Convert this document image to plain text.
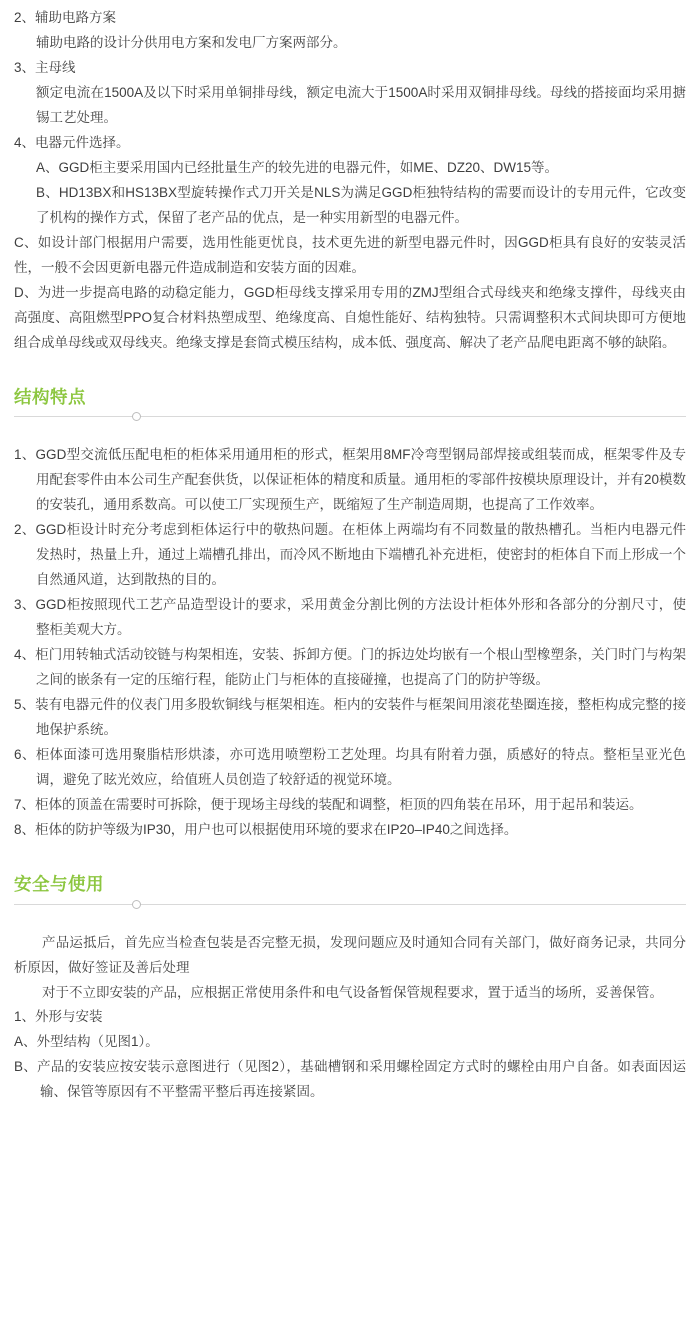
2、辅助电路方案

辅助电路的设计分供用电方案和发电厂方案两部分。

3、主母线

额定电流在1500A及以下时采用单铜排母线，额定电流大于1500A时采用双铜排母线。母线的搭接面均采用搪锡工艺处理。

4、电器元件选择。

A、GGD柜主要采用国内已经批量生产的较先进的电器元件，如ME、DZ20、DW15等。

B、HD13BX和HS13BX型旋转操作式刀开关是NLS为满足GGD柜独特结构的需要而设计的专用元件，它改变了机构的操作方式，保留了老产品的优点，是一种实用新型的电器元件。

C、如设计部门根据用户需要，选用性能更忧良，技术更先进的新型电器元件时，因GGD柜具有良好的安装灵活性，一般不会因更新电器元件造成制造和安装方面的因难。

D、为进一步提高电路的动稳定能力，GGD柜母线支撑采用专用的ZMJ型组合式母线夹和绝缘支撑件，母线夹由高强度、高阻燃型PPO复合材料热塑成型、绝缘度高、自熄性能好、结构独特。只需调整积木式间块即可方便地组合成单母线或双母线夹。绝缘支撑是套筒式模压结构，成本低、强度高、解决了老产品爬电距离不够的缺陷。

结构特点

1、GGD型交流低压配电柜的柜体采用通用柜的形式，框架用8MF冷弯型钢局部焊接或组装而成，框架零件及专用配套零件由本公司生产配套供货，以保证柜体的精度和质量。通用柜的零部件按模块原理设计，并有20模数的安装孔，通用系数高。可以使工厂实现预生产，既缩短了生产制造周期，也提高了工作效率。

2、GGD柜设计时充分考虑到柜体运行中的敬热问题。在柜体上两端均有不同数量的散热槽孔。当柜内电器元件发热时，热量上升，通过上端槽孔排出，而冷风不断地由下端槽孔补充进柜，使密封的柜体自下而上形成一个自然通风道，达到散热的目的。

3、GGD柜按照现代工艺产品造型设计的要求，采用黄金分割比例的方法设计柜体外形和各部分的分割尺寸，使整柜美观大方。

4、柜门用转轴式活动铰链与构架相连，安装、拆卸方便。门的拆边处均嵌有一个根山型橡塑条，关门时门与构架之间的嵌条有一定的压缩行程，能防止门与柜体的直接碰撞，也提高了门的防护等级。

5、装有电器元件的仪表门用多股软铜线与框架相连。柜内的安装件与框架间用滚花垫圈连接，整柜构成完整的接地保护系统。

6、柜体面漆可选用聚脂桔形烘漆，亦可选用喷塑粉工艺处理。均具有附着力强，质感好的特点。整柜呈亚光色调，避免了眩光效应，给值班人员创造了较舒适的视觉环境。

7、柜体的顶盖在需要时可拆除，便于现场主母线的装配和调整，柜顶的四角装在吊环，用于起吊和装运。

8、柜体的防护等级为IP30，用户也可以根据使用环境的要求在IP20–IP40之间选择。

安全与使用

产品运抵后，首先应当检查包装是否完整无损，发现问题应及时通知合同有关部门，做好商务记录，共同分析原因，做好签证及善后处理

对于不立即安装的产品，应根据正常使用条件和电气设备暂保管规程要求，置于适当的场所，妥善保管。

1、外形与安装

A、外型结构（见图1）。

B、产品的安装应按安装示意图进行（见图2），基础槽钢和采用螺栓固定方式时的螺栓由用户自备。如表面因运输、保管等原因有不平整需平整后再连接紧固。
